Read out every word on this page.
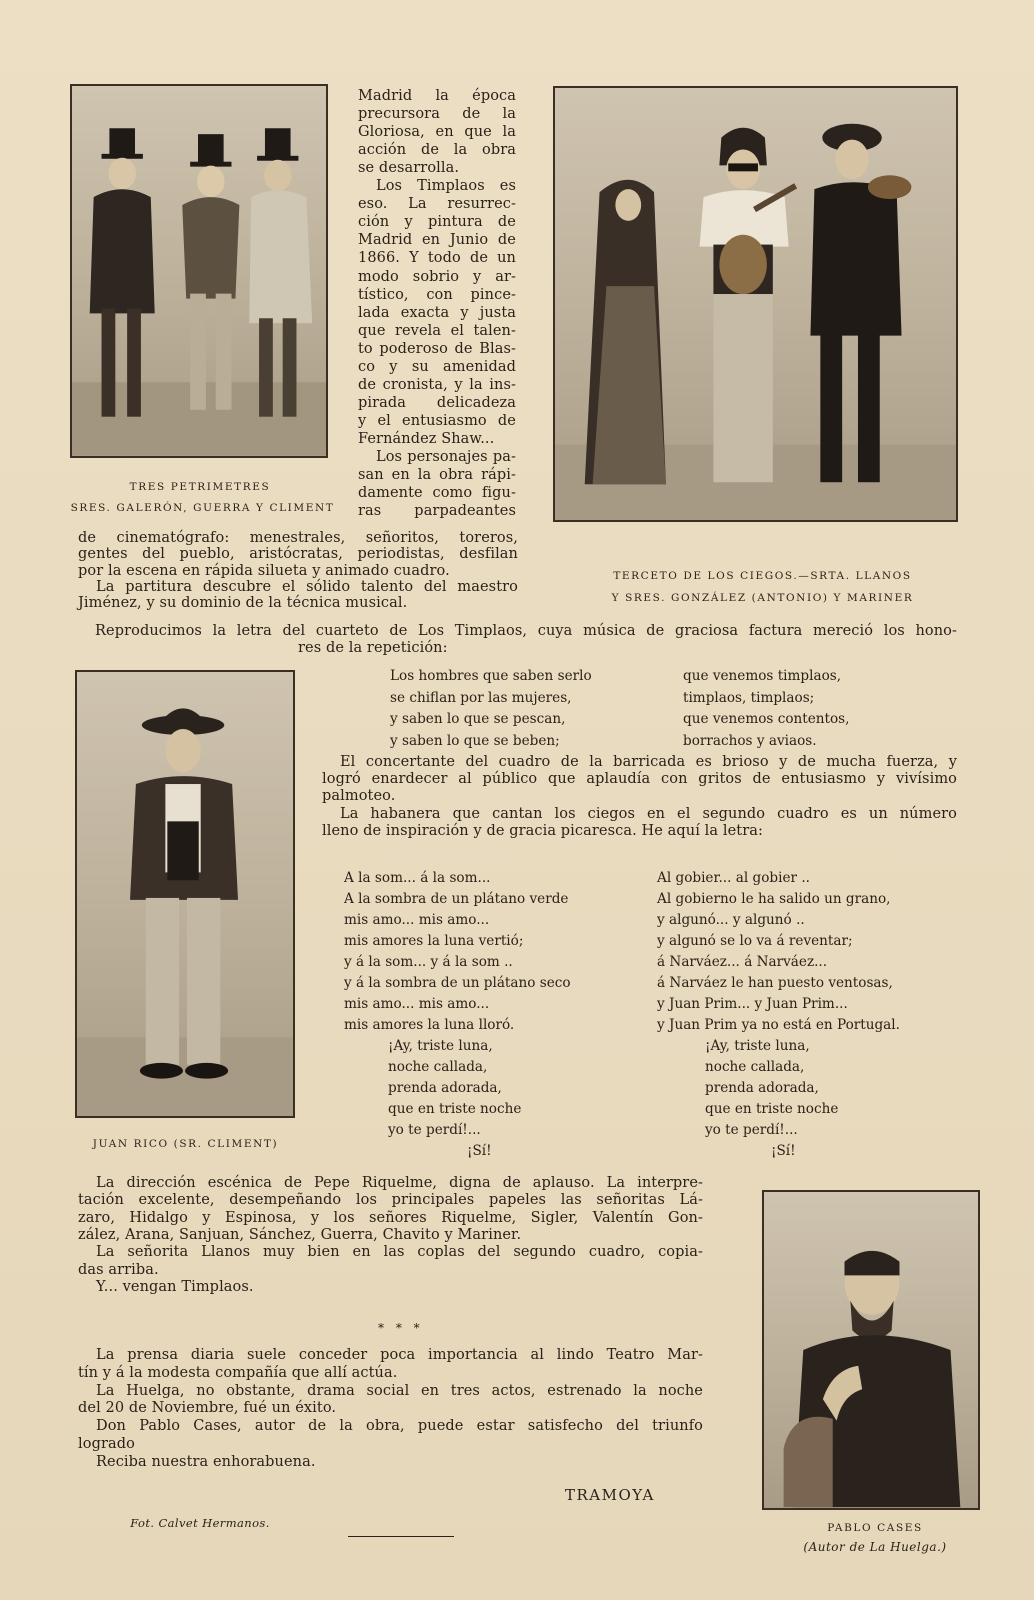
TRES PETRIMETRES
SRES. GALERÓN, GUERRA Y CLIMENT
TERCETO DE LOS CIEGOS.—SRTA. LLANOS
Y SRES. GONZÁLEZ (ANTONIO) Y MARINER
JUAN RICO (SR. CLIMENT)
PABLO CASES
(Autor de La Huelga.)
Fot. Calvet Hermanos.
Madrid la época
precursora de la
Gloriosa, en que la
acción de la obra
se desarrolla.
Los Timplaos es
eso. La resurrec-
ción y pintura de
Madrid en Junio de
1866. Y todo de un
modo sobrio y ar-
tístico, con pince-
lada exacta y justa
que revela el talen-
to poderoso de Blas-
co y su amenidad
de cronista, y la ins-
pirada delicadeza
y el entusiasmo de
Fernández Shaw...
Los personajes pa-
san en la obra rápi-
damente como figu-
ras parpadeantes
de cinematógrafo: menestrales, señoritos, toreros,
gentes del pueblo, aristócratas, periodistas, desfilan
por la escena en rápida silueta y animado cuadro.
La partitura descubre el sólido talento del maestro
Jiménez, y su dominio de la técnica musical.
Reproducimos la letra del cuarteto de Los Timplaos, cuya música de graciosa factura mereció los hono-
res de la repetición:
Los hombres que saben serlo
se chiflan por las mujeres,
y saben lo que se pescan,
y saben lo que se beben;
que venemos timplaos,
timplaos, timplaos;
que venemos contentos,
borrachos y aviaos.
El concertante del cuadro de la barricada es brioso y de mucha fuerza, y
logró enardecer al público que aplaudía con gritos de entusiasmo y vivísimo
palmoteo.
La habanera que cantan los ciegos en el segundo cuadro es un número
lleno de inspiración y de gracia picaresca. He aquí la letra:
A la som... á la som...
A la sombra de un plátano verde
mis amo... mis amo...
mis amores la luna vertió;
y á la som... y á la som ..
y á la sombra de un plátano seco
mis amo... mis amo...
mis amores la luna lloró.
¡Ay, triste luna,
noche callada,
prenda adorada,
que en triste noche
yo te perdí!...
¡Sí!
Al gobier... al gobier ..
Al gobierno le ha salido un grano,
y algunó... y algunó ..
y algunó se lo va á reventar;
á Narváez... á Narváez...
á Narváez le han puesto ventosas,
y Juan Prim... y Juan Prim...
y Juan Prim ya no está en Portugal.
¡Ay, triste luna,
noche callada,
prenda adorada,
que en triste noche
yo te perdí!...
¡Sí!
La dirección escénica de Pepe Riquelme, digna de aplauso. La interpre-
tación excelente, desempeñando los principales papeles las señoritas Lá-
zaro, Hidalgo y Espinosa, y los señores Riquelme, Sigler, Valentín Gon-
zález, Arana, Sanjuan, Sánchez, Guerra, Chavito y Mariner.
La señorita Llanos muy bien en las coplas del segundo cuadro, copia-
das arriba.
Y... vengan Timplaos.
* * *
La prensa diaria suele conceder poca importancia al lindo Teatro Mar-
tín y á la modesta compañía que allí actúa.
La Huelga, no obstante, drama social en tres actos, estrenado la noche
del 20 de Noviembre, fué un éxito.
Don Pablo Cases, autor de la obra, puede estar satisfecho del triunfo
logrado
Reciba nuestra enhorabuena.
TRAMOYA
